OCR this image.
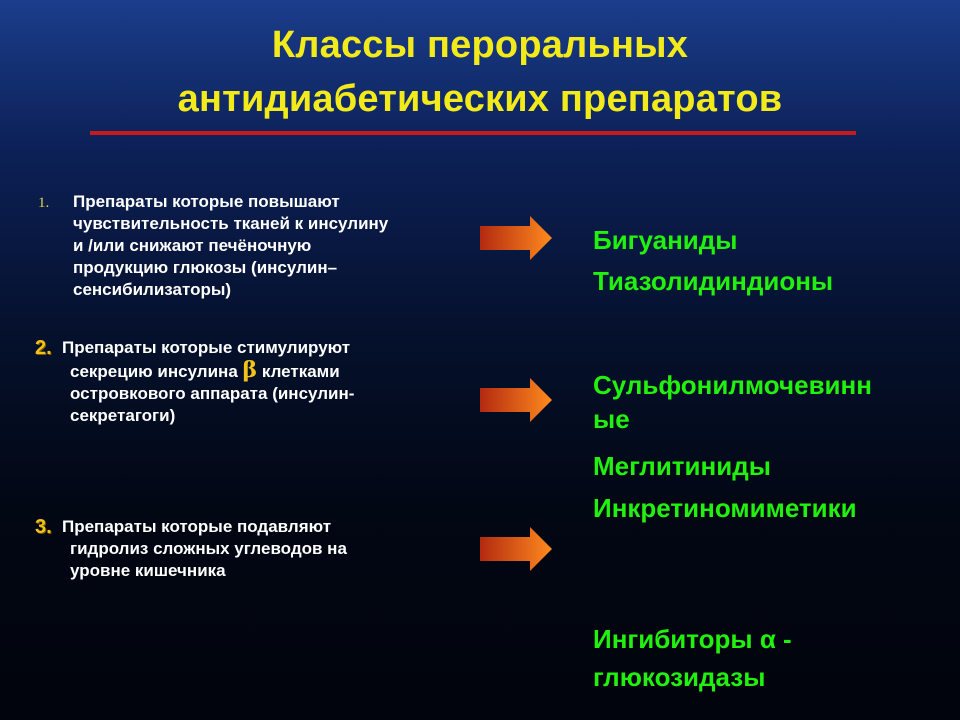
Классы пероральных

антидиабетических препаратов
1.	Препараты которые повышают
чувствительность тканей к инсулину
и /или снижают печёночную
продукцию глюкозы (инсулин–
сенсибилизаторы)
2. Препараты которые стимулируют
секрецию инсулина β клетками
островкового аппарата (инсулин-
секретагоги)
3. Препараты которые подавляют
гидролиз сложных углеводов на
уровне кишечника
Бигуаниды
Тиазолидиндионы
Сульфонилмочевинн
ые
Меглитиниды
Инкретиномиметики
Ингибиторы α -
глюкозидазы
